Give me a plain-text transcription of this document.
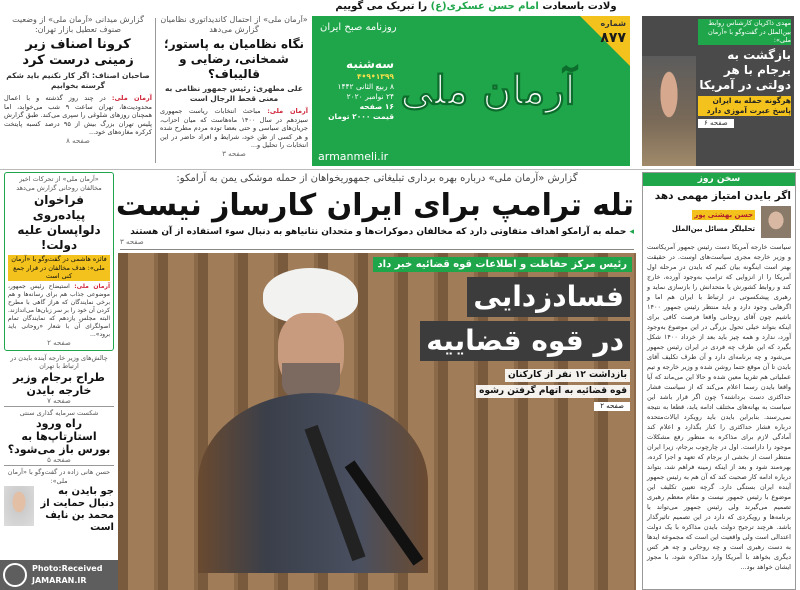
ولادت باسعادت امام حسن عسکری(ع) را تبریک می گوییم
گزارش میدانی «آرمان ملی» از وضعیت صنوف تعطیل بازار تهران:
کرونا اصناف زیر زمینی درست کرد
صاحبان اصناف: اگر کار نکنیم باید شکم گرسنه بخوابیم
آرمان ملی: در چند روز گذشته و با اعمال محدودیت‌ها، تهران ساعت ۹ شب می‌خوابد، اما همچنان روزهای شلوغی را سپری می‌کند. طبق گزارش پلیس تهران بزرگ بیش از ۹۵ درصد کسبه پایتخت کرکره مغازه‌های خود...
صفحه ۸
«آرمان ملی» از احتمال کاندیداتوری نظامیان گزارش می‌دهد
نگاه نظامیان به پاستور؛ شمخانی، رضایی و قالیباف؟
علی مطهری: رئیس جمهور نظامی به معنی قحط الرجال است
آرمان ملی: مباحث انتخابات ریاست جمهوری سیزدهم در سال ۱۴۰۰ ماه‌هاست که میان احزاب، جریان‌های سیاسی و حتی بعضا توده مردم مطرح شده و هر کسی از ظن خود، شرایط و افراد حاضر در این انتخابات را تحلیل و...
صفحه ۳
شماره
۸۷۷
آرمان ملی
روزنامه صبح ایران
سه‌شنبه
۱۳۹۹•۹•۴
۸ ربیع الثانی ۱۴۴۲
۲۴ نوامبر ۲۰۲۰
۱۶ صفحه
قیمت ۲۰۰۰ تومان
armanmeli.ir
مهدی ذاکریان کارشناس روابط بین‌الملل در گفت‌وگو با «آرمان ملی»:
بازگشت به برجام با هر دولتی در آمریکا
هرگونه حمله به ایران پاسخ عبرت آموزی دارد
صفحه ۶
«آرمان ملی» از تحرکات اخیر مخالفان روحانی گزارش می‌دهد
فراخوان پیاده‌روی دلواپسان علیه دولت!
فائزه هاشمی در گفت‌وگو با «آرمان ملی»: هدف مخالفان در قرار جمع کنی است
آرمان ملی: استیضاح رئیس جمهور، موضوعی جذاب هم برای رسانه‌ها و هم برخی نمایندگان که هراز گاهی با مطرح کردن آن خود را بر سر زبان‌ها می‌اندازند. البته مجلس یازدهم که نمایندگان تمام اصولگرای آن با شعار «روحانی باید برود»...
صفحه ۲
چالش‌های وزیر خارجه آینده بایدن در ارتباط با تهران
طراح برجام وزیر خارجه بایدن
صفحه ۷
شکست سرمایه گذاری سنتی
راه ورود استارتاپ‌ها به بورس باز می‌شود؟
صفحه ۵
حسن هانی زاده در گفت‌وگو با «آرمان ملی»:
جو بایدن به دنبال حمایت از محمد بن نایف است
Photo:Received
JAMARAN.IR
گزارش «آرمان ملی» درباره بهره برداری تبلیغاتی جمهوریخواهان از حمله موشکی یمن به آرامکو:
تله ترامپ برای ایران کارساز نیست
◂ حمله به آرامکو اهداف متفاوتی دارد که مخالفان دموکرات‌ها و متحدان نتانیاهو به دنبال سوء استفاده از آن هستند
صفحه ۳
رئیس مرکز حفاظت و اطلاعات قوه قضائیه خبر داد
فسادزدایی
در قوه قضاییه
بازداشت ۱۲ نفر از کارکنان
قوه قضائیه به اتهام گرفتن رشوه
صفحه ۲
سخن روز
اگر بایدن امتیاز مهمی دهد
حسن بهشتی پور
تحلیلگر مسائل بین‌الملل
سیاست خارجه آمریکا دست رئیس جمهور آمریکاست و وزیر خارجه مجری سیاست‌های اوست. در حقیقت بهتر است اینگونه بیان کنیم که بایدن در مرحله اول آمریکا را از انزوایی که ترامپ به‌وجود آورده، خارج کند و روابط کشورش با متحدانش را بازسازی نماید و رهبری پیشکسوتی در ارتباط با ایران هم اما و اگرهایی وجود دارد و باید منتظر رئیس جمهور ۱۴۰۰ باشیم چون آقای روحانی واقعا فرصت کافی برای اینکه بتواند خیلی تحول بزرگی در این موضوع به‌وجود آورد، ندارد و همه چیز باید بعد از خرداد ۱۴۰۰ شکل بگیرد که این طرف چه فردی در ایران رئیس جمهور می‌شود و چه برنامه‌ای دارد و آن طرف تکلیف آقای بایدن تا آن موقع حتما روشن شده و وزیر خارجه و تیم عملیاتی هم تقریبا معین شده و حالا این می‌ماند که آیا واقعا بایدن رسما اعلام می‌کند که از سیاست فشار حداکثری دست برداشته؟ چون اگر قرار باشد این سیاست به بهانه‌های مختلف ادامه یابد، قطعا به نتیجه نمی‌رسند. بنابراین بایدن باید رویکرد ایالات‌متحده درباره فشار حداکثری را کنار بگذارد و اعلام کند آمادگی لازم برای مذاکره به منظور رفع مشکلات موجود را داراست. اول در چارچوب برجام، زیرا ایران منتظر است از بخشی از برجام که تعهد و اجرا کرده، بهره‌مند شود و بعد از اینکه زمینه فراهم شد، بتواند درباره ادامه کار صحبت کند که آن هم به رئیس جمهور آینده ایران بستگی دارد. گرچه تعیین تکلیف این موضوع با رئیس جمهور نیست و مقام معظم رهبری تصمیم می‌گیرند ولی رئیس جمهور می‌تواند با برنامه‌ها و رویکردی که دارد در این تصمیم تاثیرگذار باشد. هرچند ترجیح دولت بایدن مذاکره با یک دولت اعتدالی است ولی واقعیت این است که مجموعه ایدها به دست رهبری است و چه روحانی و چه هر کس دیگری بخواهد با آمریکا وارد مذاکره شود، با مجوز ایشان خواهد بود...
